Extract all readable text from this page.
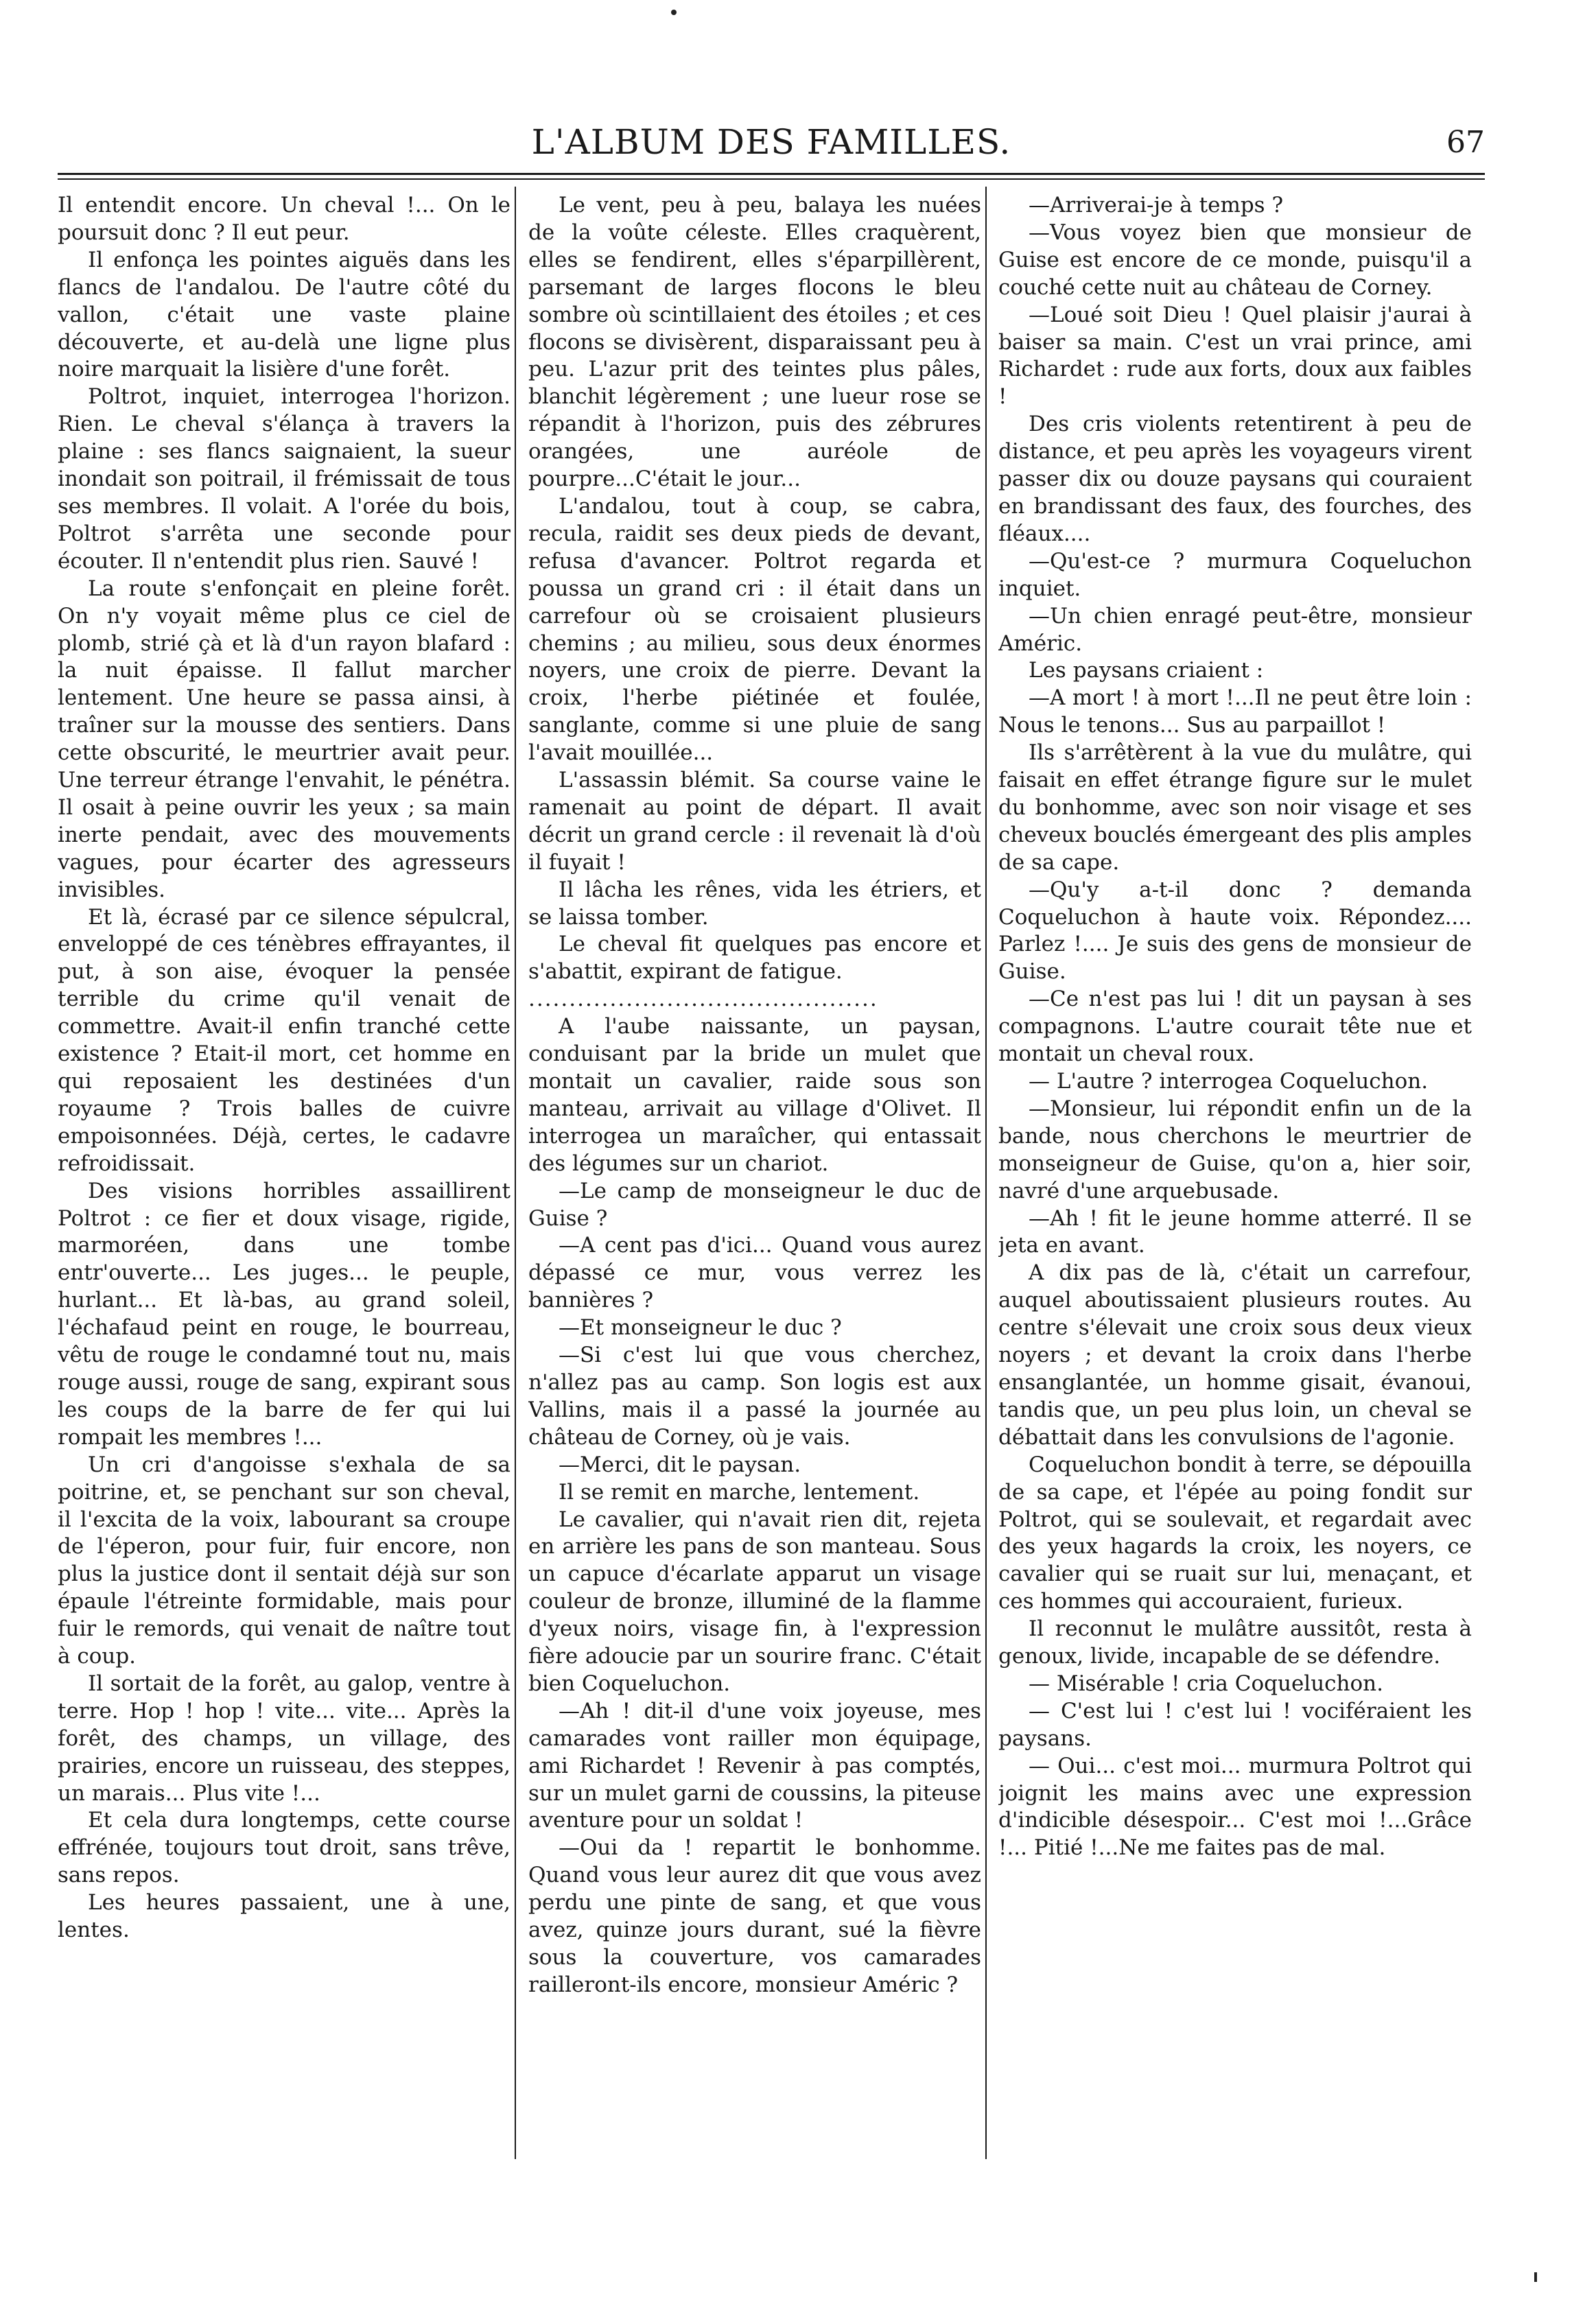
L'ALBUM DES FAMILLES.	67

Il entendit encore. Un cheval !... On le poursuit donc ? Il eut peur.

Il enfonça les pointes aiguës dans les flancs de l'andalou. De l'autre côté du vallon, c'était une vaste plaine découverte, et au-delà une ligne plus noire marquait la lisière d'une forêt.

Poltrot, inquiet, interrogea l'horizon. Rien. Le cheval s'élança à travers la plaine : ses flancs saignaient, la sueur inondait son poitrail, il frémissait de tous ses membres. Il volait. A l'orée du bois, Poltrot s'arrêta une seconde pour écouter. Il n'entendit plus rien. Sauvé !

La route s'enfonçait en pleine forêt. On n'y voyait même plus ce ciel de plomb, strié çà et là d'un rayon blafard : la nuit épaisse. Il fallut marcher lentement. Une heure se passa ainsi, à traîner sur la mousse des sentiers. Dans cette obscurité, le meurtrier avait peur. Une terreur étrange l'envahit, le pénétra. Il osait à peine ouvrir les yeux ; sa main inerte pendait, avec des mouvements vagues, pour écarter des agresseurs invisibles.

Et là, écrasé par ce silence sépulcral, enveloppé de ces ténèbres effrayantes, il put, à son aise, évoquer la pensée terrible du crime qu'il venait de commettre. Avait-il enfin tranché cette existence ? Etait-il mort, cet homme en qui reposaient les destinées d'un royaume ? Trois balles de cuivre empoisonnées. Déjà, certes, le cadavre refroidissait.

Des visions horribles assaillirent Poltrot : ce fier et doux visage, rigide, marmoréen, dans une tombe entr'ouverte... Les juges... le peuple, hurlant... Et là-bas, au grand soleil, l'échafaud peint en rouge, le bourreau, vêtu de rouge le condamné tout nu, mais rouge aussi, rouge de sang, expirant sous les coups de la barre de fer qui lui rompait les membres !...

Un cri d'angoisse s'exhala de sa poitrine, et, se penchant sur son cheval, il l'excita de la voix, labourant sa croupe de l'éperon, pour fuir, fuir encore, non plus la justice dont il sentait déjà sur son épaule l'étreinte formidable, mais pour fuir le remords, qui venait de naître tout à coup.

Il sortait de la forêt, au galop, ventre à terre. Hop ! hop ! vite... vite... Après la forêt, des champs, un village, des prairies, encore un ruisseau, des steppes, un marais... Plus vite !...

Et cela dura longtemps, cette course effrénée, toujours tout droit, sans trêve, sans repos.

Les heures passaient, une à une, lentes.

Le vent, peu à peu, balaya les nuées de la voûte céleste. Elles craquèrent, elles se fendirent, elles s'éparpillèrent, parsemant de larges flocons le bleu sombre où scintillaient des étoiles ; et ces flocons se divisèrent, disparaissant peu à peu. L'azur prit des teintes plus pâles, blanchit légèrement ; une lueur rose se répandit à l'horizon, puis des zébrures orangées, une auréole de pourpre...C'était le jour...

L'andalou, tout à coup, se cabra, recula, raidit ses deux pieds de devant, refusa d'avancer. Poltrot regarda et poussa un grand cri : il était dans un carrefour où se croisaient plusieurs chemins ; au milieu, sous deux énormes noyers, une croix de pierre. Devant la croix, l'herbe piétinée et foulée, sanglante, comme si une pluie de sang l'avait mouillée...

L'assassin blémit. Sa course vaine le ramenait au point de départ. Il avait décrit un grand cercle : il revenait là d'où il fuyait !

Il lâcha les rênes, vida les étriers, et se laissa tomber.

Le cheval fit quelques pas encore et s'abattit, expirant de fatigue.

...........................................

A l'aube naissante, un paysan, conduisant par la bride un mulet que montait un cavalier, raide sous son manteau, arrivait au village d'Olivet. Il interrogea un maraîcher, qui entassait des légumes sur un chariot.

—Le camp de monseigneur le duc de Guise ?

—A cent pas d'ici... Quand vous aurez dépassé ce mur, vous verrez les bannières ?

—Et monseigneur le duc ?

—Si c'est lui que vous cherchez, n'allez pas au camp. Son logis est aux Vallins, mais il a passé la journée au château de Corney, où je vais.

—Merci, dit le paysan.

Il se remit en marche, lentement.

Le cavalier, qui n'avait rien dit, rejeta en arrière les pans de son manteau. Sous un capuce d'écarlate apparut un visage couleur de bronze, illuminé de la flamme d'yeux noirs, visage fin, à l'expression fière adoucie par un sourire franc. C'était bien Coqueluchon.

—Ah ! dit-il d'une voix joyeuse, mes camarades vont railler mon équipage, ami Richardet ! Revenir à pas comptés, sur un mulet garni de coussins, la piteuse aventure pour un soldat !

—Oui da ! repartit le bonhomme. Quand vous leur aurez dit que vous avez perdu une pinte de sang, et que vous avez, quinze jours durant, sué la fièvre sous la couverture, vos camarades railleront-ils encore, monsieur Améric ?

—Arriverai-je à temps ?

—Vous voyez bien que monsieur de Guise est encore de ce monde, puisqu'il a couché cette nuit au château de Corney.

—Loué soit Dieu ! Quel plaisir j'aurai à baiser sa main. C'est un vrai prince, ami Richardet : rude aux forts, doux aux faibles !

Des cris violents retentirent à peu de distance, et peu après les voyageurs virent passer dix ou douze paysans qui couraient en brandissant des faux, des fourches, des fléaux....

—Qu'est-ce ? murmura Coqueluchon inquiet.

—Un chien enragé peut-être, monsieur Améric.

Les paysans criaient :

—A mort ! à mort !...Il ne peut être loin : Nous le tenons... Sus au parpaillot !

Ils s'arrêtèrent à la vue du mulâtre, qui faisait en effet étrange figure sur le mulet du bonhomme, avec son noir visage et ses cheveux bouclés émergeant des plis amples de sa cape.

—Qu'y a-t-il donc ? demanda Coqueluchon à haute voix. Répondez.... Parlez !.... Je suis des gens de monsieur de Guise.

—Ce n'est pas lui ! dit un paysan à ses compagnons. L'autre courait tête nue et montait un cheval roux.

— L'autre ? interrogea Coqueluchon.

—Monsieur, lui répondit enfin un de la bande, nous cherchons le meurtrier de monseigneur de Guise, qu'on a, hier soir, navré d'une arquebusade.

—Ah ! fit le jeune homme atterré. Il se jeta en avant.

A dix pas de là, c'était un carrefour, auquel aboutissaient plusieurs routes. Au centre s'élevait une croix sous deux vieux noyers ; et devant la croix dans l'herbe ensanglantée, un homme gisait, évanoui, tandis que, un peu plus loin, un cheval se débattait dans les convulsions de l'agonie.

Coqueluchon bondit à terre, se dépouilla de sa cape, et l'épée au poing fondit sur Poltrot, qui se soulevait, et regardait avec des yeux hagards la croix, les noyers, ce cavalier qui se ruait sur lui, menaçant, et ces hommes qui accouraient, furieux.

Il reconnut le mulâtre aussitôt, resta à genoux, livide, incapable de se défendre.

— Misérable ! cria Coqueluchon.

— C'est lui ! c'est lui ! vociféraient les paysans.

— Oui... c'est moi... murmura Poltrot qui joignit les mains avec une expression d'indicible désespoir... C'est moi !...Grâce !... Pitié !...Ne me faites pas de mal.
